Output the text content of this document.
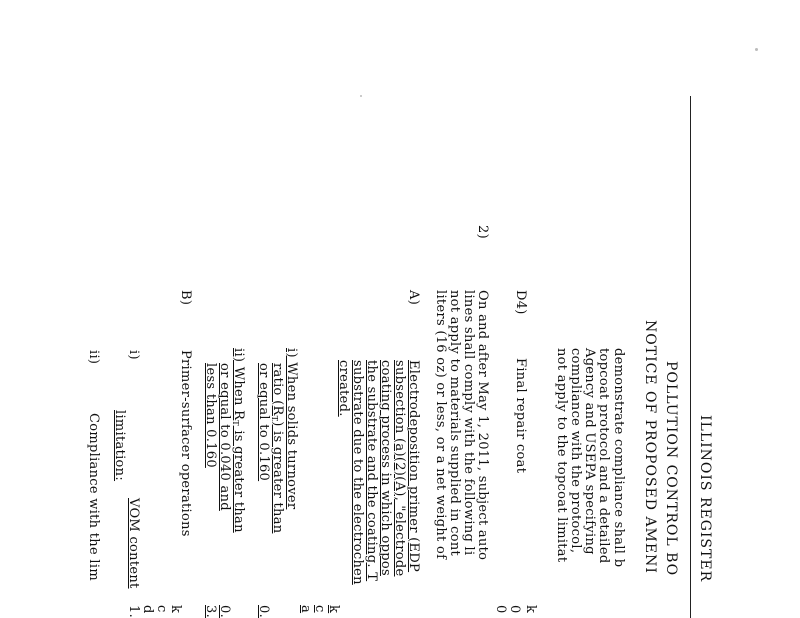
ILLINOIS REGISTER
POLLUTION CONTROL BO
NOTICE OF PROPOSED AMENI
demonstrate compliance shall b
topcoat protocol and a detailed
Agency and USEPA specifying
compliance with the protocol,
not apply to the topcoat limitat
D4)
Final repair coat
k
0
0
2)
On and after May 1, 2011, subject auto
lines shall comply with the following li
not apply to materials supplied in cont
liters (16 oz) or less, or a net weight of
A)
Electrodeposition primer (EDP
subsection (a)(2)(A), "electrode
coating process in which oppos
the substrate and the coating. T
substrate due to the electrochen
created.
k
c
a
i) When solids turnover
ratio (RT) is greater than
or equal to 0.160
0.
ii) When RT is greater than
or equal to 0.040 and
less than 0.160
0.
3.
B)
Primer-surfacer operations
k
c
d
1.
i)
VOM content
limitation:
ii)
Compliance with the lim
